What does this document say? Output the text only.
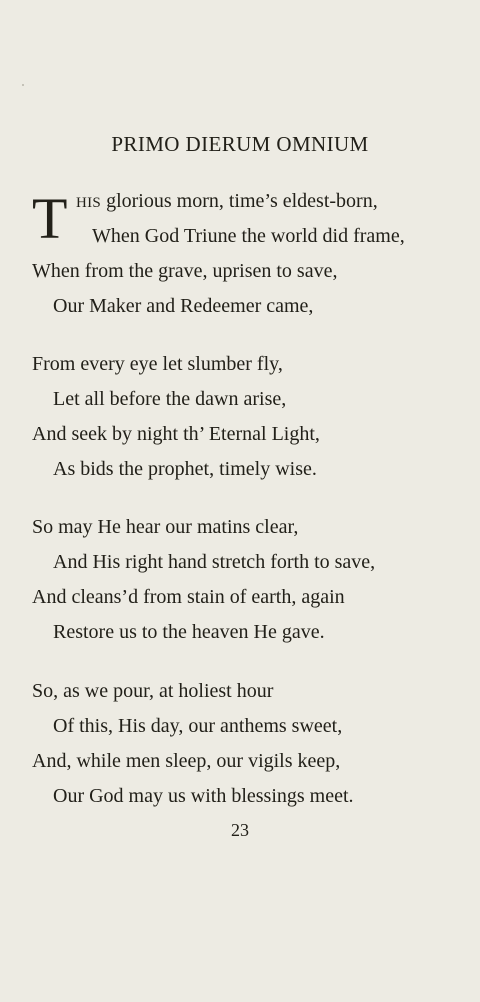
PRIMO DIERUM OMNIUM
T HIS glorious morn, time’s eldest-born,
When God Triune the world did frame,
When from the grave, uprisen to save,
Our Maker and Redeemer came,
From every eye let slumber fly,
Let all before the dawn arise,
And seek by night th’ Eternal Light,
As bids the prophet, timely wise.
So may He hear our matins clear,
And His right hand stretch forth to save,
And cleans’d from stain of earth, again
Restore us to the heaven He gave.
So, as we pour, at holiest hour
Of this, His day, our anthems sweet,
And, while men sleep, our vigils keep,
Our God may us with blessings meet.
23
